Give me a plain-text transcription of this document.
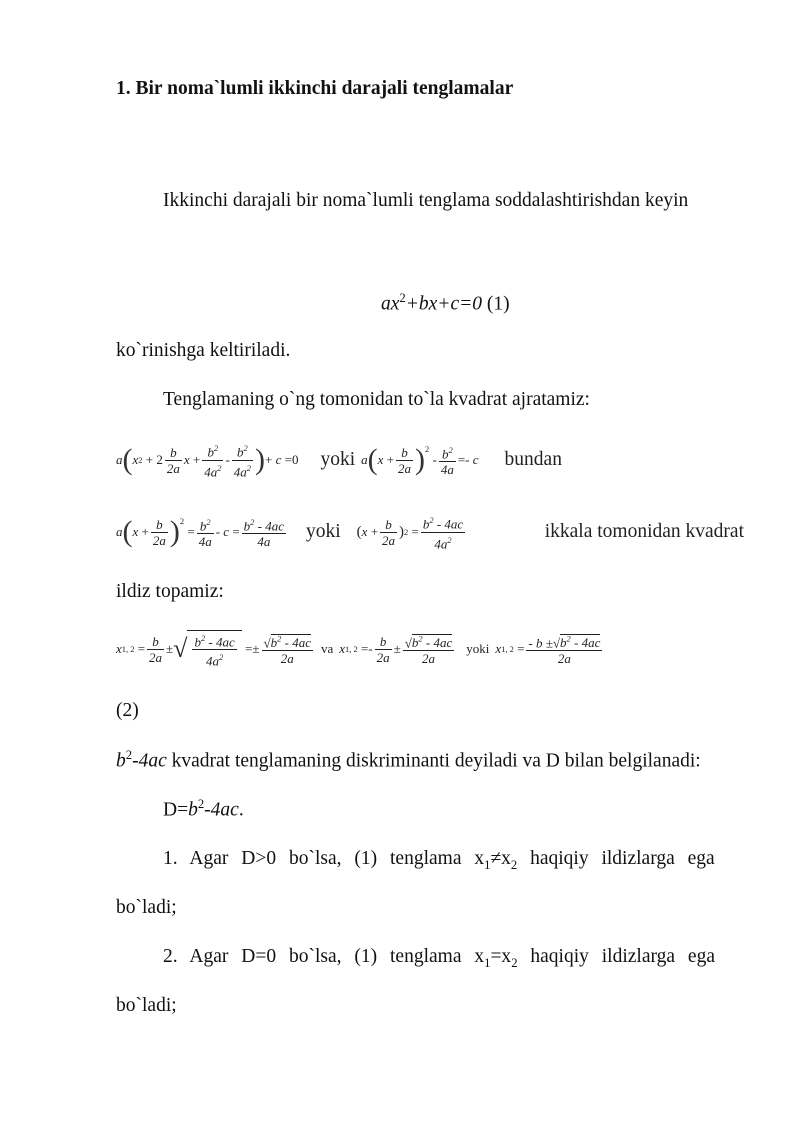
1. Bir noma`lumli ikkinchi darajali tenglamalar
Ikkinchi darajali bir noma`lumli tenglama soddalashtirishdan keyin
$ax^2+bx+c=0$ (1)
ko`rinishga keltiriladi.
Tenglamaning o`ng tomonidan to`la kvadrat ajratamiz:
a ( x 2
+
$2 \frac{b}{2a}$ x
+ $\frac{b^2}{4a^2} - \frac{b^2}{4a^2}$ ) +
c
= 0 yoki a ( x
+ $\frac{b}{2a} )^2$

- $\frac{b^2}{4a}$ = -
c bundan
a ( x
+ $\frac{b}{2a} )^2$

= $\frac{b^2}{4a}$ -
c
= $\frac{b^2 - 4ac}{4a}$ yoki ( x
+ $\frac{b}{2a}$ ) 2
= $\frac{b^2 - 4ac}{4a^2}$	ikkala tomonidan kvadrat
ildiz topamiz:
x 1, 2
= $\frac{b}{2a}$ ± √ $\frac{b^2 - 4ac}{4a^2}$
= ± $\frac{√b^2 - 4ac}{2a}$ va x 1, 2
= - $\frac{b}{2a} \pm \frac{√b^2 - 4ac}{2a}$ yoki x 1, 2
= $\frac{- b \pm√b^2 - 4ac}{2a}$
(2)
$b^2-4ac$ kvadrat tenglamaning diskriminanti deyiladi va D bilan belgilanadi:
$D=b^2-4ac$.
1. Agar D>0 bo`lsa, (1) tenglama $x_1\ne x_2$ haqiqiy ildizlarga ega
bo`ladi;
2. Agar D=0 bo`lsa, (1) tenglama $x_1=x_2$ haqiqiy ildizlarga ega
bo`ladi;
